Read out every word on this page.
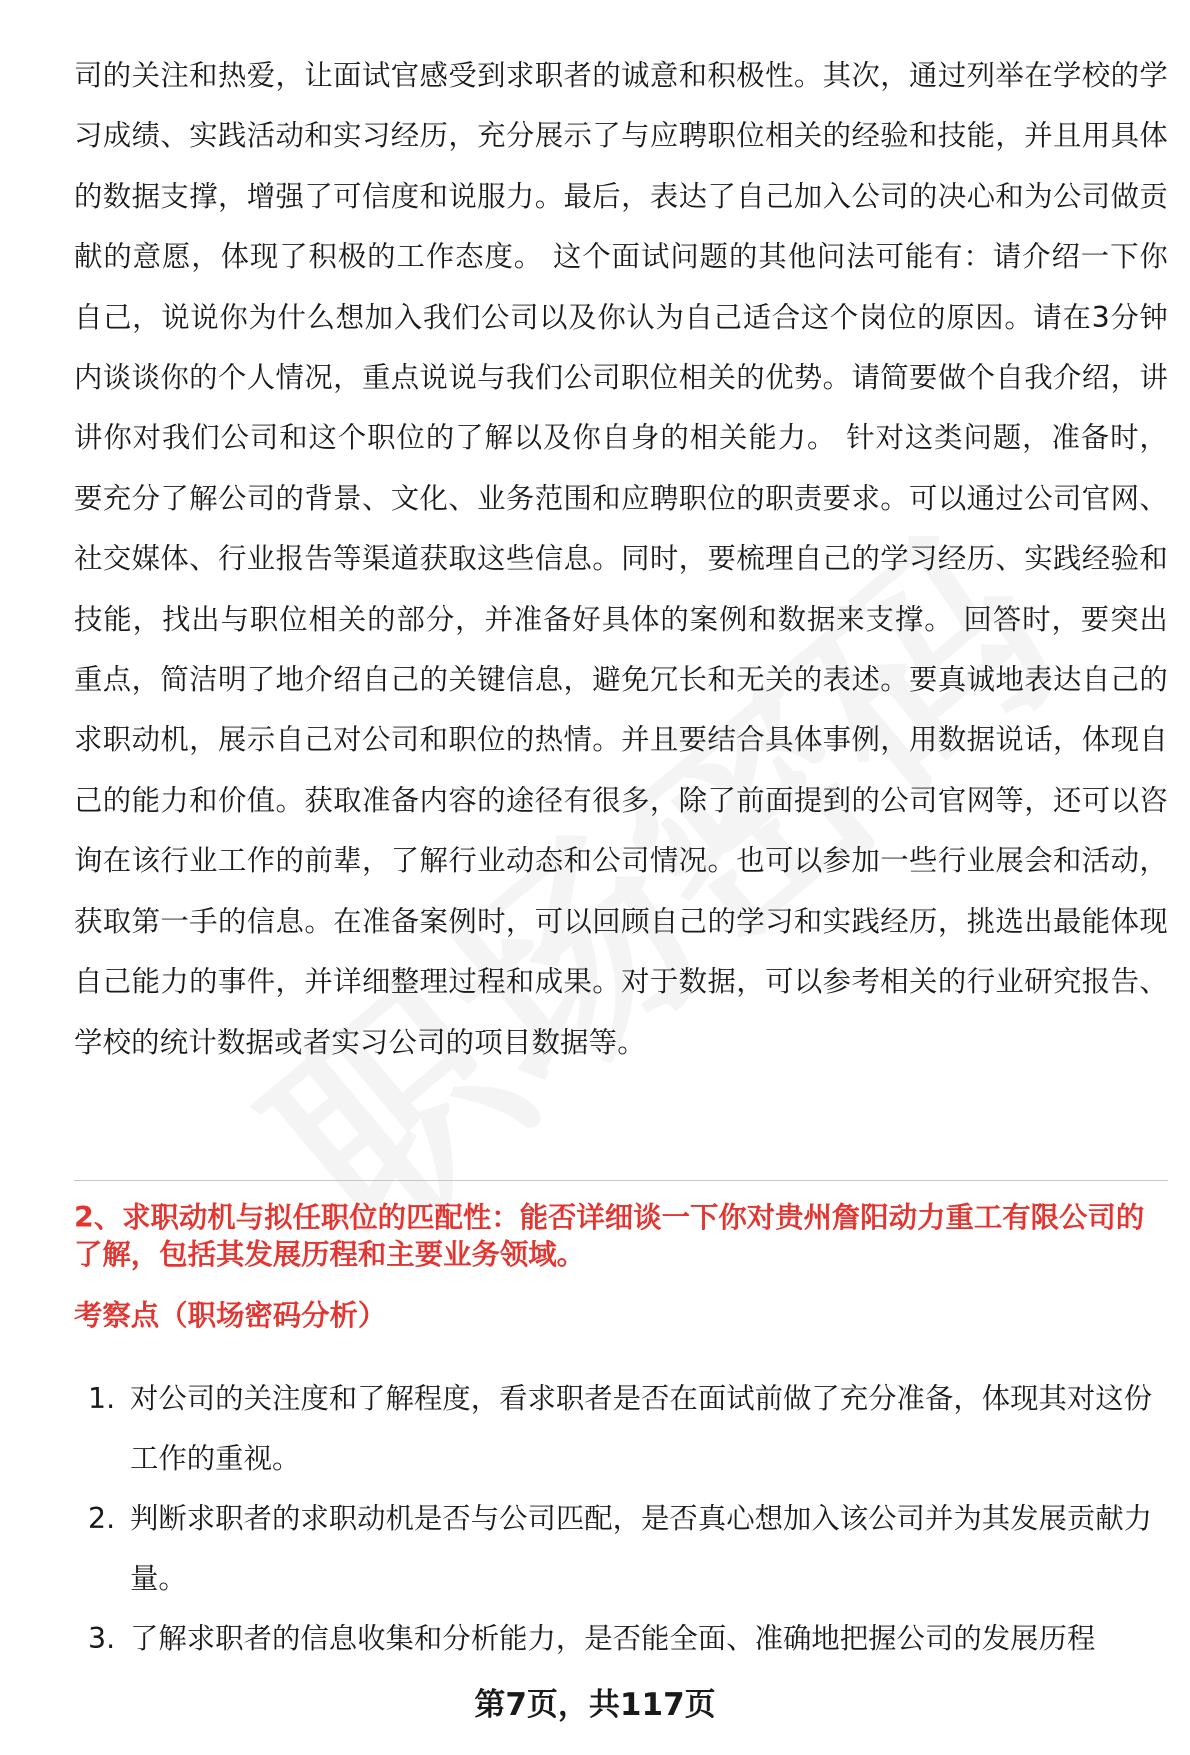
司的关注和热爱，让面试官感受到求职者的诚意和积极性。其次，通过列举在学校的学习成绩、实践活动和实习经历，充分展示了与应聘职位相关的经验和技能，并且用具体的数据支撑，增强了可信度和说服力。最后，表达了自己加入公司的决心和为公司做贡献的意愿，体现了积极的工作态度。 这个面试问题的其他问法可能有：请介绍一下你自己，说说你为什么想加入我们公司以及你认为自己适合这个岗位的原因。请在3分钟内谈谈你的个人情况，重点说说与我们公司职位相关的优势。请简要做个自我介绍，讲讲你对我们公司和这个职位的了解以及你自身的相关能力。 针对这类问题，准备时，要充分了解公司的背景、文化、业务范围和应聘职位的职责要求。可以通过公司官网、社交媒体、行业报告等渠道获取这些信息。同时，要梳理自己的学习经历、实践经验和技能，找出与职位相关的部分，并准备好具体的案例和数据来支撑。 回答时，要突出重点，简洁明了地介绍自己的关键信息，避免冗长和无关的表述。要真诚地表达自己的求职动机，展示自己对公司和职位的热情。并且要结合具体事例，用数据说话，体现自己的能力和价值。获取准备内容的途径有很多，除了前面提到的公司官网等，还可以咨询在该行业工作的前辈，了解行业动态和公司情况。也可以参加一些行业展会和活动，获取第一手的信息。在准备案例时，可以回顾自己的学习和实践经历，挑选出最能体现自己能力的事件，并详细整理过程和成果。对于数据，可以参考相关的行业研究报告、学校的统计数据或者实习公司的项目数据等。

2、求职动机与拟任职位的匹配性：能否详细谈一下你对贵州詹阳动力重工有限公司的了解，包括其发展历程和主要业务领域。

考察点（职场密码分析）

1. 对公司的关注度和了解程度，看求职者是否在面试前做了充分准备，体现其对这份工作的重视。
2. 判断求职者的求职动机是否与公司匹配，是否真心想加入该公司并为其发展贡献力量。
3. 了解求职者的信息收集和分析能力，是否能全面、准确地把握公司的发展历程
第7页，共117页
